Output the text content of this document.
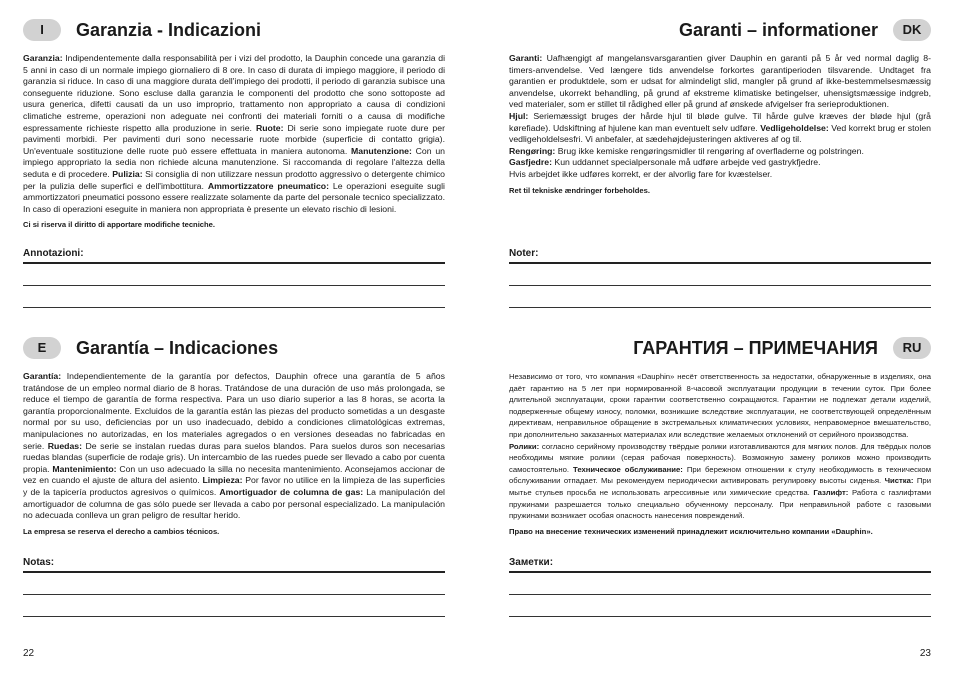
I	Garanzia - Indicazioni

Garanzia: Indipendentemente dalla responsabilità per i vizi del prodotto, la Dauphin concede una garanzia di 5 anni in caso di un normale impiego giornaliero di 8 ore. In caso di durata di impiego maggiore, il periodo di garanzia si riduce. In caso di una maggiore durata dell'impiego dei prodotti, il periodo di garanzia subisce una conseguente riduzione. Sono escluse dalla garanzia le componenti del prodotto che sono sottoposte ad usura generica, difetti causati da un uso improprio, trattamento non appropriato a causa di condizioni climatiche estreme, operazioni non adeguate nei confronti dei materiali forniti o a causa di modifiche espressamente richieste rispetto alla produzione in serie. Ruote: Di serie sono impiegate ruote dure per pavimenti morbidi. Per pavimenti duri sono necessarie ruote morbide (superficie di contatto grigia). Un'eventuale sostituzione delle ruote può essere effettuata in maniera autonoma. Manutenzione: Con un impiego appropriato la sedia non richiede alcuna manutenzione. Si raccomanda di regolare l'altezza della seduta e di procedere. Pulizia: Si consiglia di non utilizzare nessun prodotto aggressivo o detergente chimico per la pulizia delle superfici e dell'imbottitura. Ammortizzatore pneumatico: Le operazioni eseguite sugli ammortizzatori pneumatici possono essere realizzate solamente da parte del personale tecnico specializzato. In caso di operazioni eseguite in maniera non appropriata è presente un elevato rischio di lesioni.

Ci si riserva il diritto di apportare modifiche tecniche.
Annotazioni:
DK
Garanti – informationer

Garanti: Uafhængigt af mangelansvarsgarantien giver Dauphin en garanti på 5 år ved normal daglig 8-timers-anvendelse. Ved længere tids anvendelse forkortes garantiperioden tilsvarende. Undtaget fra garantien er produktdele, som er udsat for almindeligt slid, mangler på grund af ikke-bestemmelsesmæssig anvendelse, ukorrekt behandling, på grund af ekstreme klimatiske betingelser, uhensigtsmæssige indgreb, ved materialer, som er stillet til rådighed eller på grund af ønskede afvigelser fra serieproduktionen.

Hjul: Seriemæssigt bruges der hårde hjul til bløde gulve. Til hårde gulve kræves der bløde hjul (grå kørefiade). Udskiftning af hjulene kan man eventuelt selv udføre. Vedligeholdelse: Ved korrekt brug er stolen vedligeholdelsesfri. Vi anbefaler, at sædehøjdejusteringen aktiveres af og til.

Rengøring: Brug ikke kemiske rengøringsmidler til rengøring af overfladerne og polstringen.

Gasfjedre: Kun uddannet specialpersonale må udføre arbejde ved gastrykfjedre.

Hvis arbejdet ikke udføres korrekt, er der alvorlig fare for kvæstelser.

Ret til tekniske ændringer forbeholdes.
Noter:
E	Garantía – Indicaciones

Garantía: Independientemente de la garantía por defectos, Dauphin ofrece una garantía de 5 años tratándose de un empleo normal diario de 8 horas. Tratándose de una duración de uso más prolongada, se reduce el tiempo de garantía de forma respectiva. Para un uso diario superior a las 8 horas, se acorta la garantía proporcionalmente. Excluidos de la garantía están las piezas del producto sometidas a un desgaste normal por su uso, deficiencias por un uso inadecuado, debido a condiciones climatológicas extremas, manipulaciones no autorizadas, en los materiales agregados o en versiones deseadas no fabricadas en serie. Ruedas: De serie se instalan ruedas duras para suelos blandos. Para suelos duros son necesarias ruedas blandas (superficie de rodaje gris). Un intercambio de las ruedes puede ser llevado a cabo por cuenta propia. Mantenimiento: Con un uso adecuado la silla no necesita mantenimiento. Aconsejamos accionar de vez en cuando el ajuste de altura del asiento. Limpieza: Por favor no utilice en la limpieza de las superficies y de la tapicería productos agresivos o químicos. Amortiguador de columna de gas: La manipulación del amortiguador de columna de gas sólo puede ser llevada a cabo por personal especializado. La manipulación no adecuada conlleva un gran peligro de resultar herido.

La empresa se reserva el derecho a cambios técnicos.
Notas:
RU
ГАРАНТИЯ – ПРИМЕЧАНИЯ

Независимо от того, что компания «Dauphin» несёт ответственность за недостатки, обнаруженные в изделиях, она даёт гарантию на 5 лет при нормированной 8-часовой эксплуатации продукции в течении суток. При более длительной эксплуатации, сроки гарантии соответственно сокращаются. Гарантии не подлежат детали изделий, подверженные общему износу, поломки, возникшие вследствие эксплуатации, не соответствующей определённым директивам, неправильное обращение в экстремальных климатических условиях, неправомерное вмешательство, при дополнительно заказанных материалах или вследствие желаемых отклонений от серийного производства.

Ролики: согласно серийному производству твёрдые ролики изготавливаются для мягких полов. Для твёрдых полов необходимы мягкие ролики (серая рабочая поверхность). Возможную замену роликов можно производить самостоятельно. Техническое обслуживание: При бережном отношении к стулу необходимость в техническом обслуживании отпадает. Мы рекомендуем периодически активировать регулировку высоты сиденья. Чистка: При мытье стульев просьба не использовать агрессивные или химические средства. Газлифт: Работа с газлифтами пружинами разрешается только специально обученному персоналу. При неправильной работе с газовыми пружинами возникает особая опасность нанесения повреждений.

Право на внесение технических изменений принадлежит исключительно компании «Dauphin».
Заметки:
22	23
